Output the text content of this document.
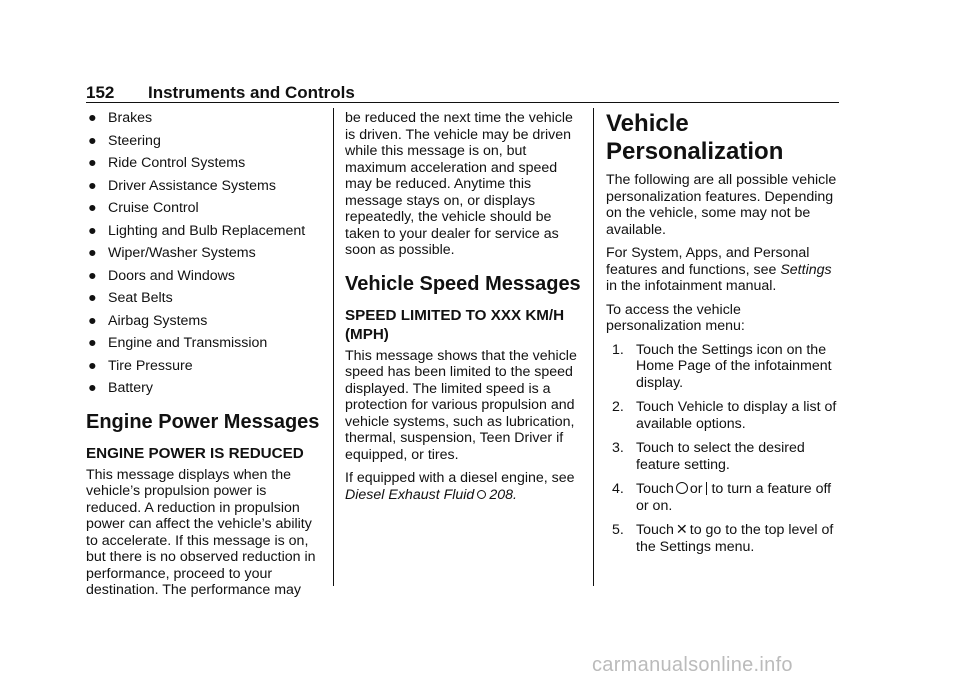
152 Instruments and Controls
● Brakes
● Steering
● Ride Control Systems
● Driver Assistance Systems
● Cruise Control
● Lighting and Bulb Replacement
● Wiper/Washer Systems
● Doors and Windows
● Seat Belts
● Airbag Systems
● Engine and Transmission
● Tire Pressure
● Battery
Engine Power Messages
ENGINE POWER IS REDUCED

This message displays when the vehicle’s propulsion power is reduced. A reduction in propulsion power can affect the vehicle’s ability to accelerate. If this message is on, but there is no observed reduction in performance, proceed to your destination. The performance may

be reduced the next time the vehicle is driven. The vehicle may be driven while this message is on, but maximum acceleration and speed may be reduced. Anytime this message stays on, or displays repeatedly, the vehicle should be taken to your dealer for service as soon as possible.

Vehicle Speed Messages
SPEED LIMITED TO XXX KM/H (MPH)

This message shows that the vehicle speed has been limited to the speed displayed. The limited speed is a protection for various propulsion and vehicle systems, such as lubrication, thermal, suspension, Teen Driver if equipped, or tires.

If equipped with a diesel engine, see Diesel Exhaust Fluid 208.

Vehicle Personalization

The following are all possible vehicle personalization features. Depending on the vehicle, some may not be available.

For System, Apps, and Personal features and functions, see Settings in the infotainment manual.

To access the vehicle personalization menu:

1. Touch the Settings icon on the Home Page of the infotainment display.
2. Touch Vehicle to display a list of available options.
3. Touch to select the desired feature setting.
4. Touch or to turn a feature off or on.
5. Touch ✕ to go to the top level of the Settings menu.
carmanualsonline.info
